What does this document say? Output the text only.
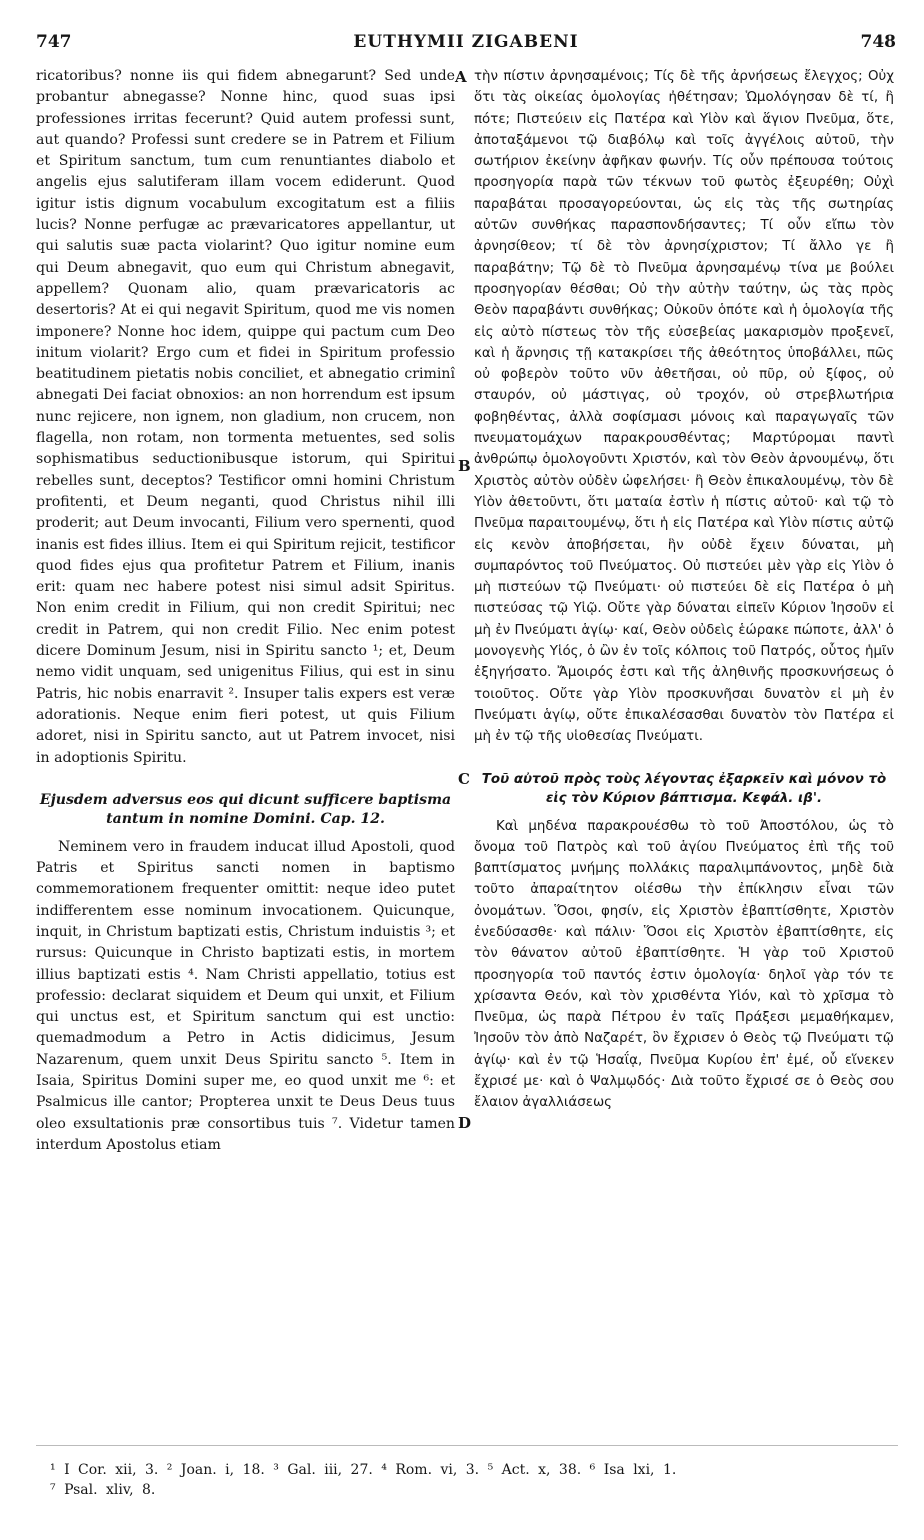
747	EUTHYMII ZIGABENI	748

ricatoribus? nonne iis qui fidem abnegarunt? Sed unde probantur abnegasse? Nonne hinc, quod suas ipsi professiones irritas fecerunt? Quid autem professi sunt, aut quando? Professi sunt credere se in Patrem et Filium et Spiritum sanctum, tum cum renuntiantes diabolo et angelis ejus salutiferam illam vocem ediderunt. Quod igitur istis dignum vocabulum excogitatum est a filiis lucis? Nonne perfugæ ac prævaricatores appellantur, ut qui salutis suæ pacta violarint? Quo igitur nomine eum qui Deum abnegavit, quo eum qui Christum abnegavit, appellem? Quonam alio, quam prævaricatoris ac desertoris? At ei qui negavit Spiritum, quod me vis nomen imponere? Nonne hoc idem, quippe qui pactum cum Deo initum violarit? Ergo cum et fidei in Spiritum professio beatitudinem pietatis nobis conciliet, et abnegatio criminî abnegati Dei faciat obnoxios: an non horrendum est ipsum nunc rejicere, non ignem, non gladium, non crucem, non flagella, non rotam, non tormenta metuentes, sed solis sophismatibus seductionibusque istorum, qui Spiritui rebelles sunt, deceptos? Testificor omni homini Christum profitenti, et Deum neganti, quod Christus nihil illi proderit; aut Deum invocanti, Filium vero spernenti, quod inanis est fides illius. Item ei qui Spiritum rejicit, testificor quod fides ejus qua profitetur Patrem et Filium, inanis erit: quam nec habere potest nisi simul adsit Spiritus. Non enim credit in Filium, qui non credit Spiritui; nec credit in Patrem, qui non credit Filio. Nec enim potest dicere Dominum Jesum, nisi in Spiritu sancto ¹; et, Deum nemo vidit unquam, sed unigenitus Filius, qui est in sinu Patris, hic nobis enarravit ². Insuper talis expers est veræ adorationis. Neque enim fieri potest, ut quis Filium adoret, nisi in Spiritu sancto, aut ut Patrem invocet, nisi in adoptionis Spiritu.

Ejusdem adversus eos qui dicunt sufficere baptisma tantum in nomine Domini. Cap. 12.

Neminem vero in fraudem inducat illud Apostoli, quod Patris et Spiritus sancti nomen in baptismo commemorationem frequenter omittit: neque ideo putet indifferentem esse nominum invocationem. Quicunque, inquit, in Christum baptizati estis, Christum induistis ³; et rursus: Quicunque in Christo baptizati estis, in mortem illius baptizati estis ⁴. Nam Christi appellatio, totius est professio: declarat siquidem et Deum qui unxit, et Filium qui unctus est, et Spiritum sanctum qui est unctio: quemadmodum a Petro in Actis didicimus, Jesum Nazarenum, quem unxit Deus Spiritu sancto ⁵. Item in Isaia, Spiritus Domini super me, eo quod unxit me ⁶: et Psalmicus ille cantor; Propterea unxit te Deus Deus tuus oleo exsultationis præ consortibus tuis ⁷. Videtur tamen interdum Apostolus etiam

A
B
C
D

τὴν πίστιν ἀρνησαμένοις; Τίς δὲ τῆς ἀρνήσεως ἔλεγχος; Οὐχ ὅτι τὰς οἰκείας ὁμολογίας ἠθέτησαν; Ὡμολόγησαν δὲ τί, ἢ πότε; Πιστεύειν εἰς Πατέρα καὶ Υἱὸν καὶ ἅγιον Πνεῦμα, ὅτε, ἀποταξάμενοι τῷ διαβόλῳ καὶ τοῖς ἀγγέλοις αὐτοῦ, τὴν σωτήριον ἐκείνην ἀφῆκαν φωνήν. Τίς οὖν πρέπουσα τούτοις προσηγορία παρὰ τῶν τέκνων τοῦ φωτὸς ἐξευρέθη; Οὐχὶ παραβάται προσαγορεύονται, ὡς εἰς τὰς τῆς σωτηρίας αὐτῶν συνθήκας παρασπονδήσαντες; Τί οὖν εἴπω τὸν ἀρνησίθεον; τί δὲ τὸν ἀρνησίχριστον; Τί ἄλλο γε ἢ παραβάτην; Τῷ δὲ τὸ Πνεῦμα ἀρνησαμένῳ τίνα με βούλει προσηγορίαν θέσθαι; Οὐ τὴν αὐτὴν ταύτην, ὡς τὰς πρὸς Θεὸν παραβάντι συνθήκας; Οὐκοῦν ὁπότε καὶ ἡ ὁμολογία τῆς εἰς αὐτὸ πίστεως τὸν τῆς εὐσεβείας μακαρισμὸν προξενεῖ, καὶ ἡ ἄρνησις τῇ κατακρίσει τῆς ἀθεότητος ὑποβάλλει, πῶς οὐ φοβερὸν τοῦτο νῦν ἀθετῆσαι, οὐ πῦρ, οὐ ξίφος, οὐ σταυρόν, οὐ μάστιγας, οὐ τροχόν, οὐ στρεβλωτήρια φοβηθέντας, ἀλλὰ σοφίσμασι μόνοις καὶ παραγωγαῖς τῶν πνευματομάχων παρακρουσθέντας; Μαρτύρομαι παντὶ ἀνθρώπῳ ὁμολογοῦντι Χριστόν, καὶ τὸν Θεὸν ἀρνουμένῳ, ὅτι Χριστὸς αὐτὸν οὐδὲν ὠφελήσει· ἢ Θεὸν ἐπικαλουμένῳ, τὸν δὲ Υἱὸν ἀθετοῦντι, ὅτι ματαία ἐστὶν ἡ πίστις αὐτοῦ· καὶ τῷ τὸ Πνεῦμα παραιτουμένῳ, ὅτι ἡ εἰς Πατέρα καὶ Υἱὸν πίστις αὐτῷ εἰς κενὸν ἀποβήσεται, ἣν οὐδὲ ἔχειν δύναται, μὴ συμπαρόντος τοῦ Πνεύματος. Οὐ πιστεύει μὲν γὰρ εἰς Υἱὸν ὁ μὴ πιστεύων τῷ Πνεύματι· οὐ πιστεύει δὲ εἰς Πατέρα ὁ μὴ πιστεύσας τῷ Υἱῷ. Οὔτε γὰρ δύναται εἰπεῖν Κύριον Ἰησοῦν εἰ μὴ ἐν Πνεύματι ἁγίῳ· καί, Θεὸν οὐδεὶς ἑώρακε πώποτε, ἀλλ' ὁ μονογενὴς Υἱός, ὁ ὢν ἐν τοῖς κόλποις τοῦ Πατρός, οὗτος ἡμῖν ἐξηγήσατο. Ἄμοιρός ἐστι καὶ τῆς ἀληθινῆς προσκυνήσεως ὁ τοιοῦτος. Οὔτε γὰρ Υἱὸν προσκυνῆσαι δυνατὸν εἰ μὴ ἐν Πνεύματι ἁγίῳ, οὔτε ἐπικαλέσασθαι δυνατὸν τὸν Πατέρα εἰ μὴ ἐν τῷ τῆς υἱοθεσίας Πνεύματι.

Τοῦ αὐτοῦ πρὸς τοὺς λέγοντας ἐξαρκεῖν καὶ μόνον τὸ εἰς τὸν Κύριον βάπτισμα. Κεφάλ. ιβ'.

Καὶ μηδένα παρακρουέσθω τὸ τοῦ Ἀποστόλου, ὡς τὸ ὄνομα τοῦ Πατρὸς καὶ τοῦ ἁγίου Πνεύματος ἐπὶ τῆς τοῦ βαπτίσματος μνήμης πολλάκις παραλιμπάνοντος, μηδὲ διὰ τοῦτο ἀπαραίτητον οἰέσθω τὴν ἐπίκλησιν εἶναι τῶν ὀνομάτων. Ὅσοι, φησίν, εἰς Χριστὸν ἐβαπτίσθητε, Χριστὸν ἐνεδύσασθε· καὶ πάλιν· Ὅσοι εἰς Χριστὸν ἐβαπτίσθητε, εἰς τὸν θάνατον αὐτοῦ ἐβαπτίσθητε. Ἡ γὰρ τοῦ Χριστοῦ προσηγορία τοῦ παντός ἐστιν ὁμολογία· δηλοῖ γὰρ τόν τε χρίσαντα Θεόν, καὶ τὸν χρισθέντα Υἱόν, καὶ τὸ χρῖσμα τὸ Πνεῦμα, ὡς παρὰ Πέτρου ἐν ταῖς Πράξεσι μεμαθήκαμεν, Ἰησοῦν τὸν ἀπὸ Ναζαρέτ, ὃν ἔχρισεν ὁ Θεὸς τῷ Πνεύματι τῷ ἁγίῳ· καὶ ἐν τῷ Ἡσαΐᾳ, Πνεῦμα Κυρίου ἐπ' ἐμέ, οὗ εἵνεκεν ἔχρισέ με· καὶ ὁ Ψαλμῳδός· Διὰ τοῦτο ἔχρισέ σε ὁ Θεὸς σου ἔλαιον ἀγαλλιάσεως

¹ I Cor. xii, 3. ² Joan. i, 18. ³ Gal. iii, 27. ⁴ Rom. vi, 3. ⁵ Act. x, 38. ⁶ Isa lxi, 1.
⁷ Psal. xliv, 8.
